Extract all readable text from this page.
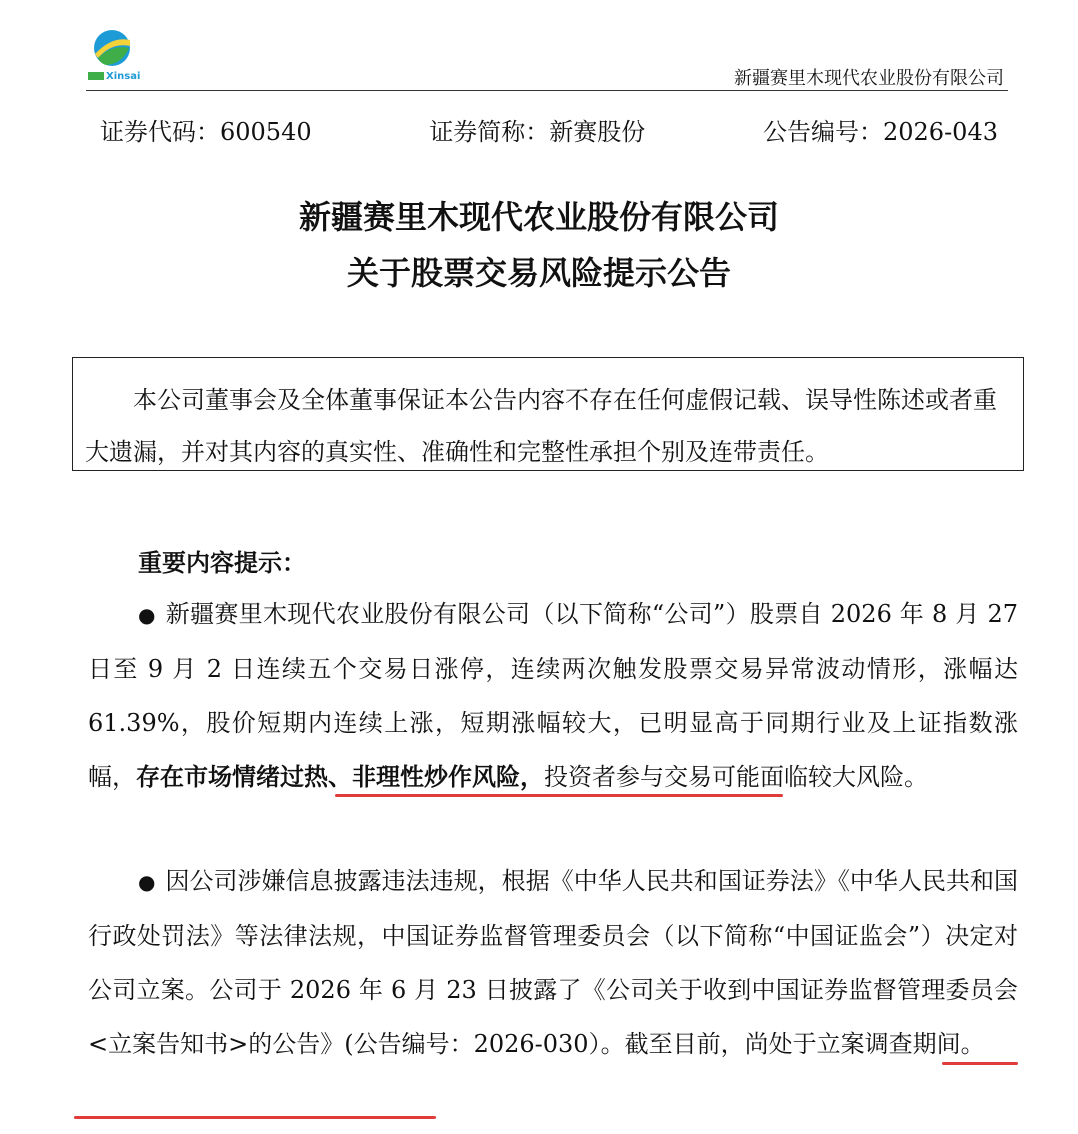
Xinsai	新疆赛里木现代农业股份有限公司
证券代码：600540	证券简称：新赛股份	公告编号：2026-043
新疆赛里木现代农业股份有限公司
关于股票交易风险提示公告
本公司董事会及全体董事保证本公告内容不存在任何虚假记载、误导性陈述或者重大遗漏，并对其内容的真实性、准确性和完整性承担个别及连带责任。
重要内容提示：
● 新疆赛里木现代农业股份有限公司（以下简称“公司”）股票自 2026 年 8 月 27 日至 9 月 2 日连续五个交易日涨停，连续两次触发股票交易异常波动情形，涨幅达 61.39%，股价短期内连续上涨，短期涨幅较大，已明显高于同期行业及上证指数涨幅，存在市场情绪过热、非理性炒作风险，投资者参与交易可能面临较大风险。
● 因公司涉嫌信息披露违法违规，根据《中华人民共和国证券法》《中华人民共和国行政处罚法》等法律法规，中国证券监督管理委员会（以下简称“中国证监会”）决定对公司立案。公司于 2026 年 6 月 23 日披露了《公司关于收到中国证券监督管理委员会<立案告知书>的公告》(公告编号：2026-030）。截至目前，尚处于立案调查期间。
